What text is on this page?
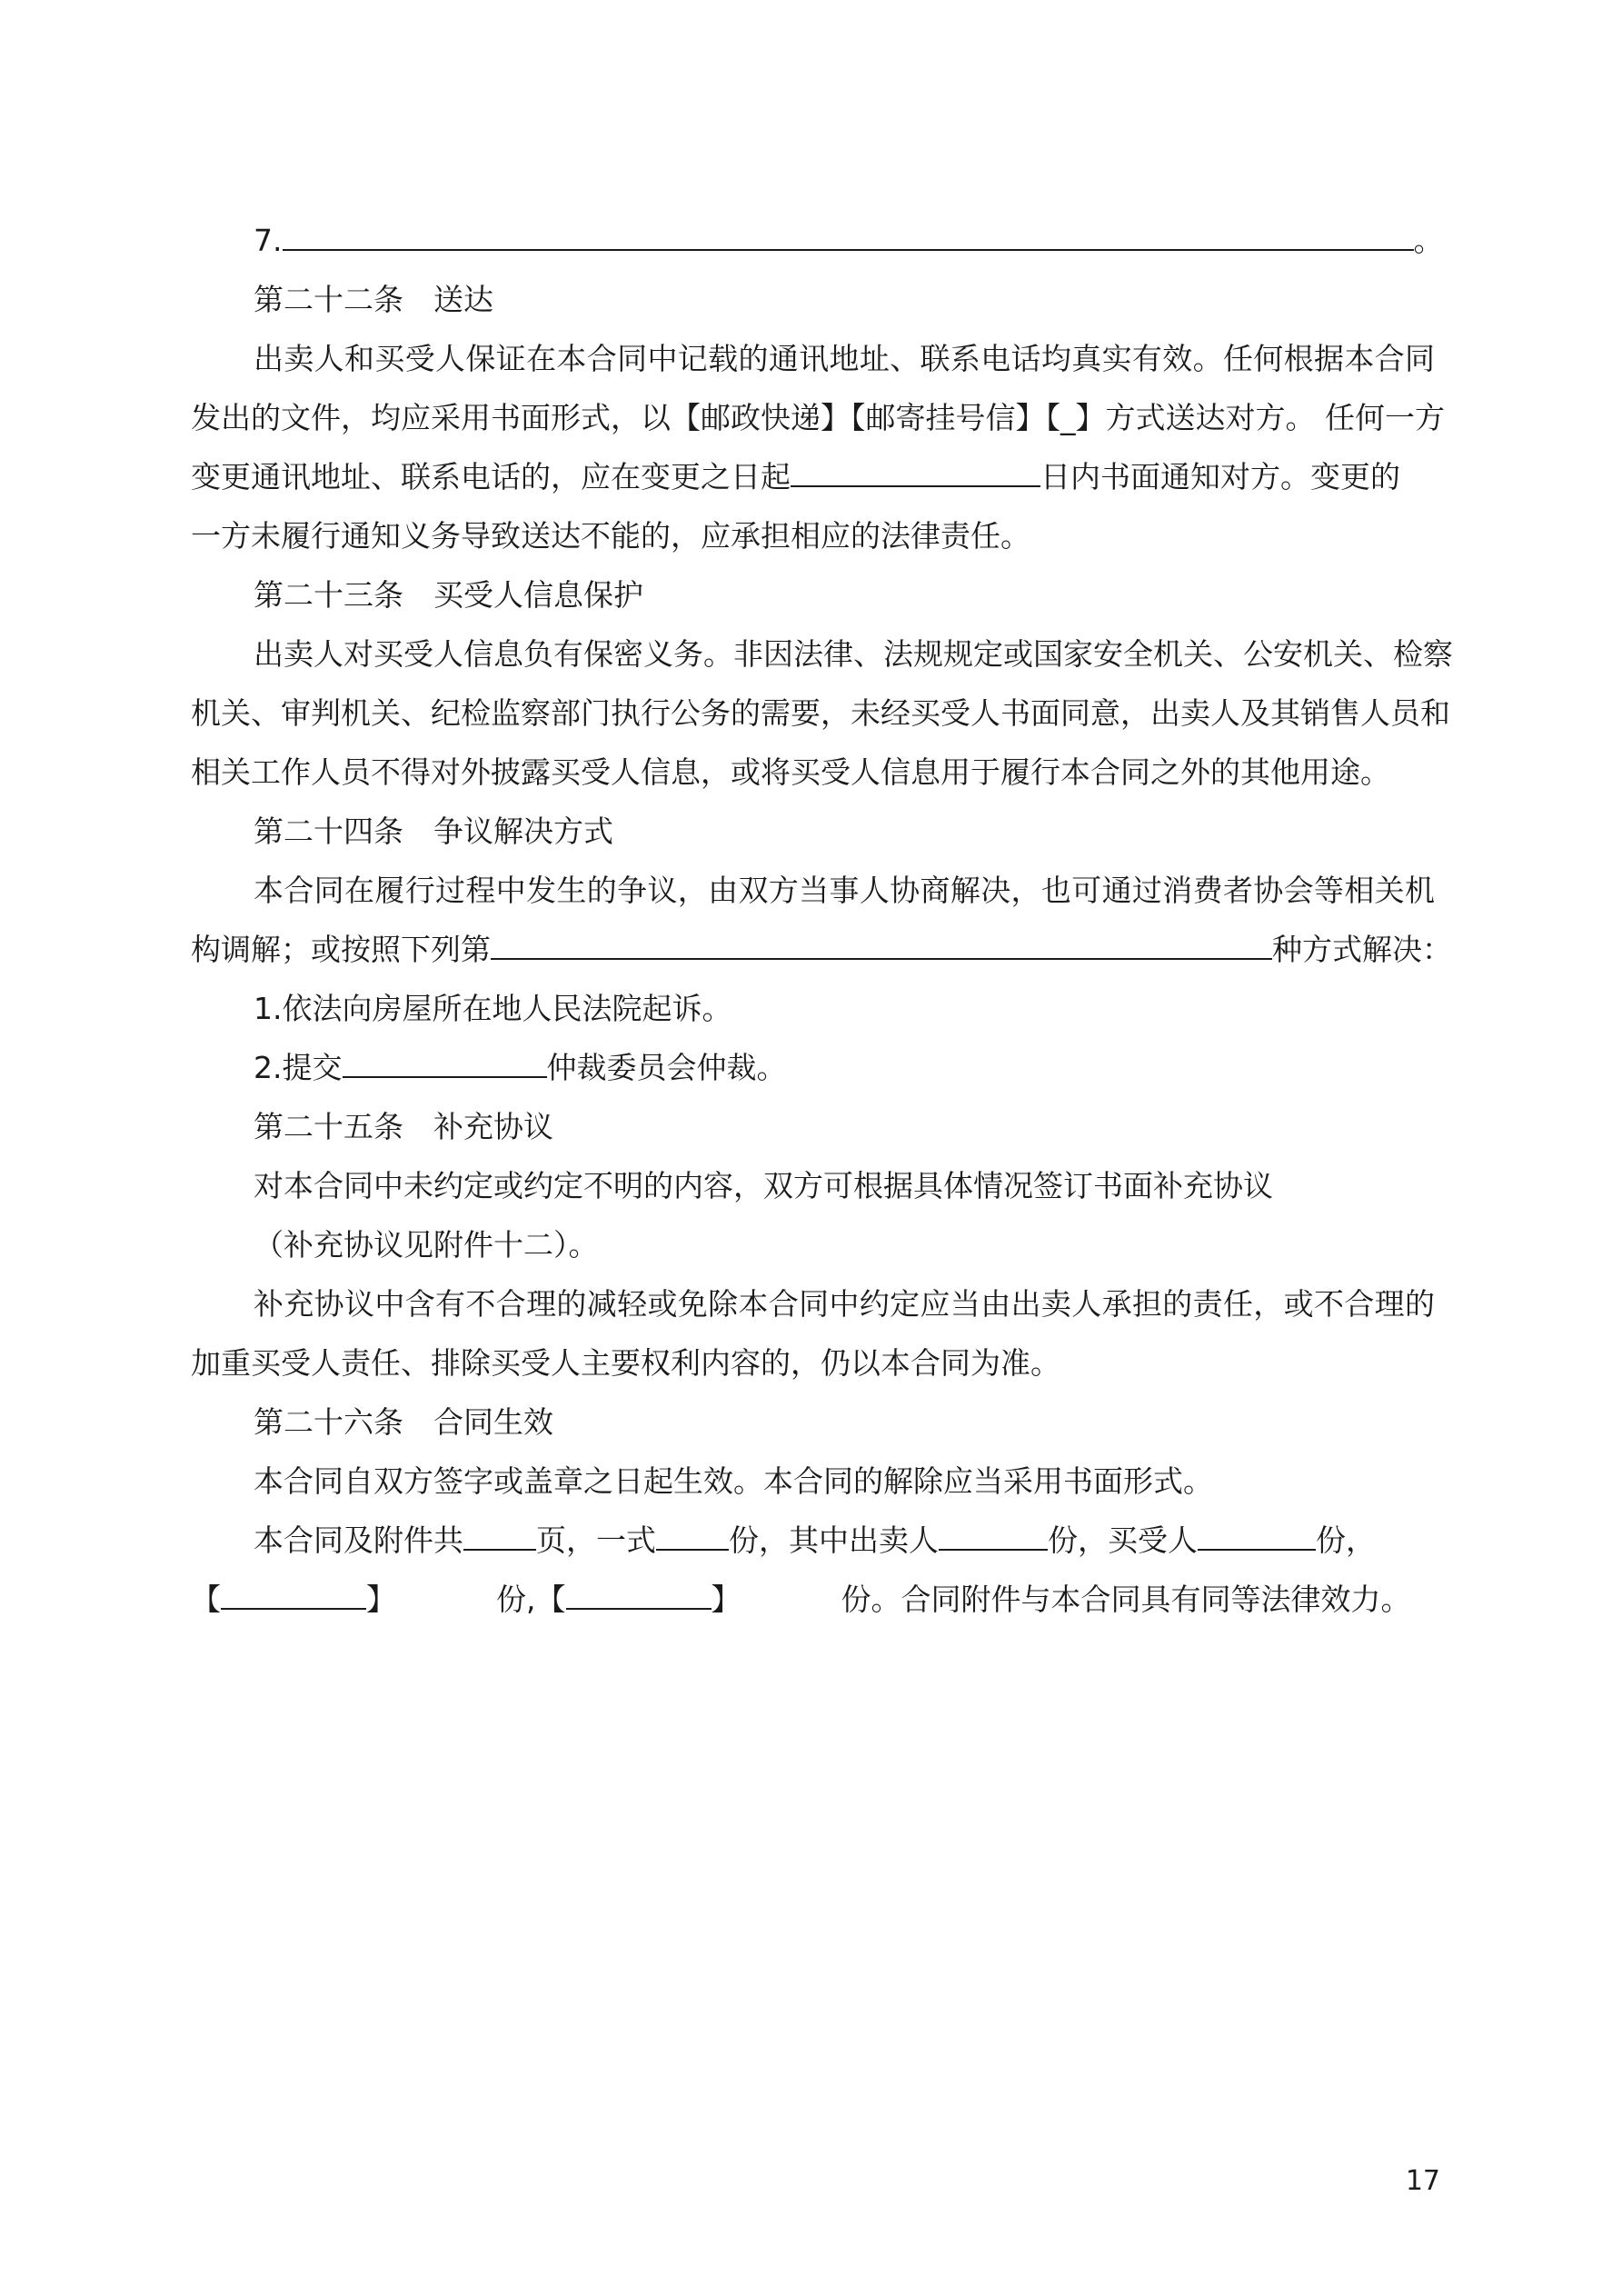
7.	。
第二十二条　送达
出卖人和买受人保证在本合同中记载的通讯地址、联系电话均真实有效。任何根据本合同
发出的文件，均应采用书面形式，以【邮政快递】【邮寄挂号信】【_】方式送达对方。 任何一方
变更通讯地址、联系电话的，应在变更之日起	日内书面通知对方。变更的
一方未履行通知义务导致送达不能的，应承担相应的法律责任。
第二十三条　买受人信息保护
出卖人对买受人信息负有保密义务。非因法律、法规规定或国家安全机关、公安机关、检察
机关、审判机关、纪检监察部门执行公务的需要，未经买受人书面同意，出卖人及其销售人员和
相关工作人员不得对外披露买受人信息，或将买受人信息用于履行本合同之外的其他用途。
第二十四条　争议解决方式
本合同在履行过程中发生的争议，由双方当事人协商解决，也可通过消费者协会等相关机
构调解；或按照下列第	种方式解决：
1.依法向房屋所在地人民法院起诉。
2.提交	仲裁委员会仲裁。
第二十五条　补充协议
对本合同中未约定或约定不明的内容，双方可根据具体情况签订书面补充协议
（补充协议见附件十二）。
补充协议中含有不合理的减轻或免除本合同中约定应当由出卖人承担的责任，或不合理的
加重买受人责任、排除买受人主要权利内容的，仍以本合同为准。
第二十六条　合同生效
本合同自双方签字或盖章之日起生效。本合同的解除应当采用书面形式。
本合同及附件共 页，一式 份，其中出卖人	份，买受人	份，
【	】	份,【	】	份。合同附件与本合同具有同等法律效力。
17
